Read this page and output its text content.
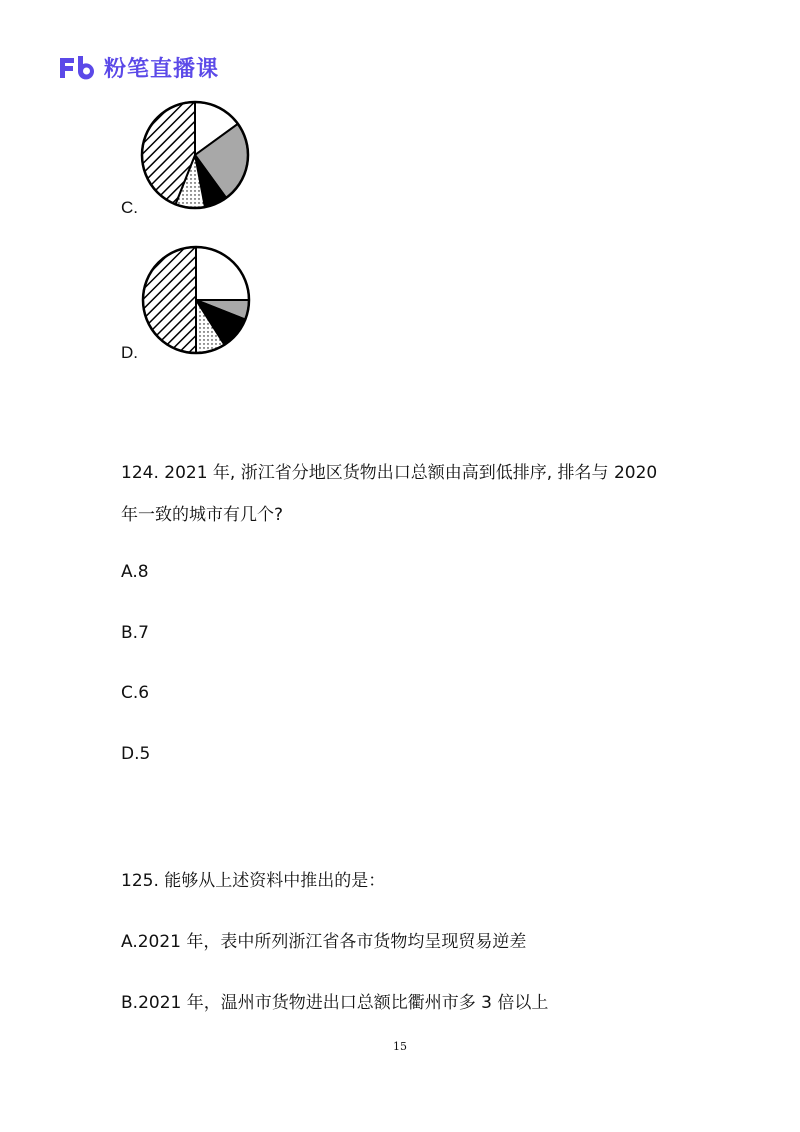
粉笔直播课
C.
D.
124. 2021 年, 浙江省分地区货物出口总额由高到低排序, 排名与 2020
年一致的城市有几个?
A.8
B.7
C.6
D.5
125. 能够从上述资料中推出的是：
A.2021 年，表中所列浙江省各市货物均呈现贸易逆差
B.2021 年，温州市货物进出口总额比衢州市多 3 倍以上
15
